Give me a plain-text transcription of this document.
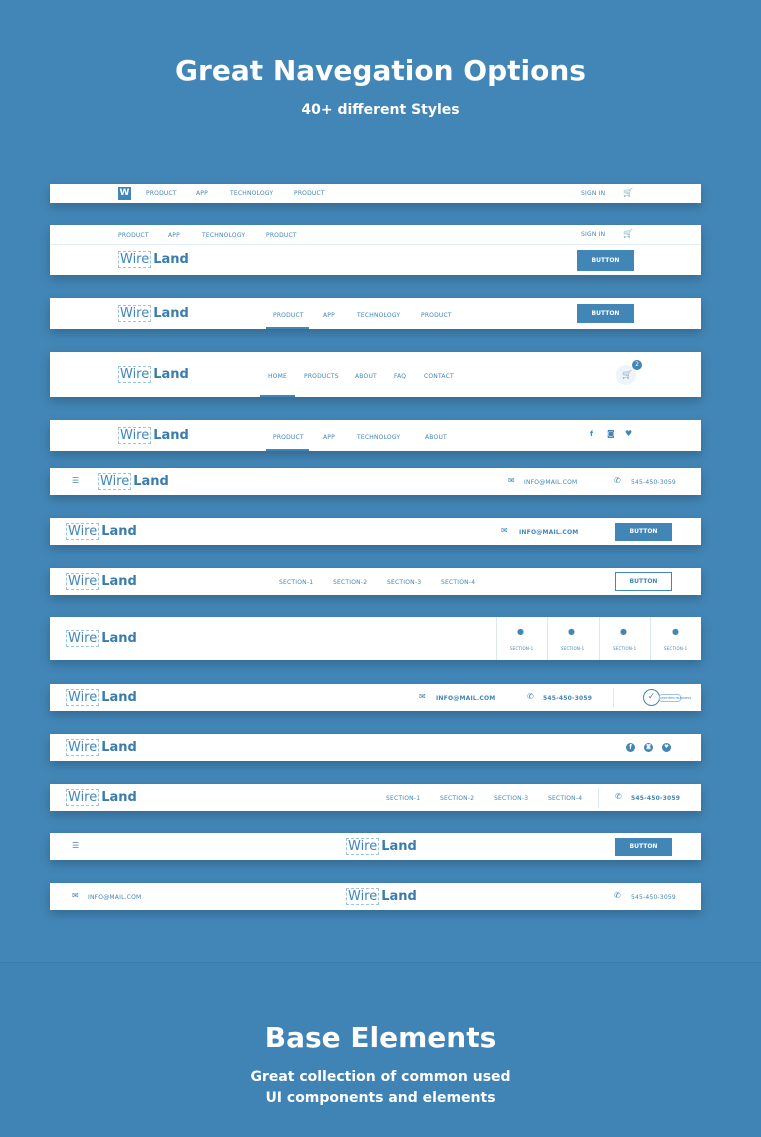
Great Navegation Options
40+ different Styles
W	PRODUCT	APP	TECHNOLOGY	PRODUCT	SIGN IN 🛒
PRODUCT	APP	TECHNOLOGY	PRODUCT	SIGN IN 🛒
Wire Land	BUTTON
Wire Land	PRODUCT	APP	TECHNOLOGY	PRODUCT	BUTTON
Wire Land	HOME	PRODUCTS	ABOUT	FAQ	CONTACT	🛒
2
Wire Land	PRODUCT	APP	TECHNOLOGY	ABOUT	f ◙ ♥
☰ Wire Land	✉ INFO@MAIL.COM	✆ 545-450-3059
Wire Land	✉ INFO@MAIL.COM	BUTTON
Wire Land	SECTION-1	SECTION-2	SECTION-3	SECTION-4	BUTTON
Wire Land	●
SECTION-1
●
SECTION-1
●
SECTION-1
●
SECTION-1
Wire Land	✉ INFO@MAIL.COM	✆ 545-450-3059	✓	CERTIFIED BUSINESS
Wire Land	f	◙	♥
Wire Land	SECTION-1	SECTION-2	SECTION-3	SECTION-4	✆ 545-450-3059
☰	Wire Land	BUTTON
✉ INFO@MAIL.COM	Wire Land	✆ 545-450-3059
Base Elements
Great collection of common used
UI components and elements
